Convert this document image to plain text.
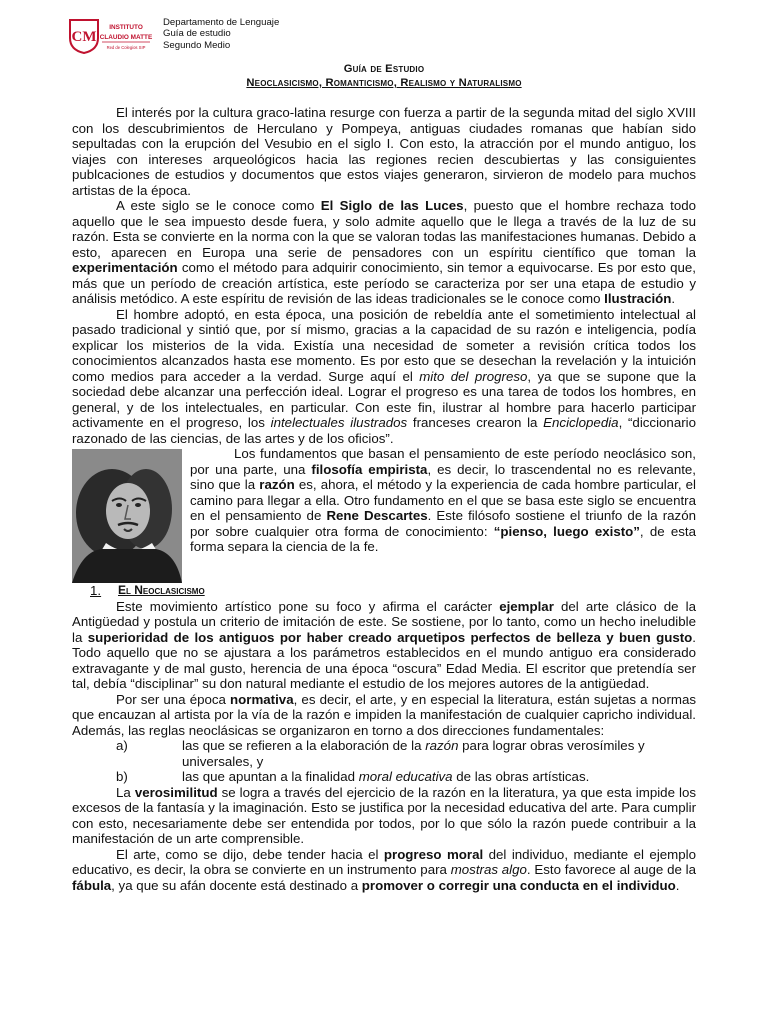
CM
INSTITUTO
CLAUDIO MATTE
Red de Colegios SIP
Departamento de Lenguaje
Guía de estudio
Segundo Medio
Guía de Estudio
Neoclasicismo, Romanticismo, Realismo y Naturalismo

El interés por la cultura graco-latina resurge con fuerza a partir de la segunda mitad del siglo XVIII con los descubrimientos de Herculano y Pompeya, antiguas ciudades romanas que habían sido sepultadas con la erupción del Vesubio en el siglo I. Con esto, la atracción por el mundo antiguo, los viajes con intereses arqueológicos hacia las regiones recien descubiertas y las consiguientes publcaciones de estudios y documentos que estos viajes generaron, sirvieron de modelo para muchos artistas de la época.

A este siglo se le conoce como El Siglo de las Luces, puesto que el hombre rechaza todo aquello que le sea impuesto desde fuera, y solo admite aquello que le llega a través de la luz de su razón. Esta se convierte en la norma con la que se valoran todas las manifestaciones humanas. Debido a esto, aparecen en Europa una serie de pensadores con un espíritu científico que toman la experimentación como el método para adquirir conocimiento, sin temor a equivocarse. Es por esto que, más que un período de creación artística, este período se caracteriza por ser una etapa de estudio y análisis metódico. A este espíritu de revisión de las ideas tradicionales se le conoce como Ilustración.

El hombre adoptó, en esta época, una posición de rebeldía ante el sometimiento intelectual al pasado tradicional y sintió que, por sí mismo, gracias a la capacidad de su razón e inteligencia, podía explicar los misterios de la vida. Existía una necesidad de someter a revisión crítica todos los conocimientos alcanzados hasta ese momento. Es por esto que se desechan la revelación y la intuición como medios para acceder a la verdad. Surge aquí el mito del progreso, ya que se supone que la sociedad debe alcanzar una perfección ideal. Lograr el progreso es una tarea de todos los hombres, en general, y de los intelectuales, en particular. Con este fin, ilustrar al hombre para hacerlo participar activamente en el progreso, los intelectuales ilustrados franceses crearon la Enciclopedia, “diccionario razonado de las ciencias, de las artes y de los oficios”.

Los fundamentos que basan el pensamiento de este período neoclásico son, por una parte, una filosofía empirista, es decir, lo trascendental no es relevante, sino que la razón es, ahora, el método y la experiencia de cada hombre particular, el camino para llegar a ella. Otro fundamento en el que se basa este siglo se encuentra en el pensamiento de Rene Descartes. Este filósofo sostiene el triunfo de la razón por sobre cualquier otra forma de conocimiento: “pienso, luego existo”, de esta forma separa la ciencia de la fe.

1.	El Neoclasicismo

Este movimiento artístico pone su foco y afirma el carácter ejemplar del arte clásico de la Antigüedad y postula un criterio de imitación de este. Se sostiene, por lo tanto, como un hecho ineludible la superioridad de los antiguos por haber creado arquetipos perfectos de belleza y buen gusto. Todo aquello que no se ajustara a los parámetros establecidos en el mundo antiguo era considerado extravagante y de mal gusto, herencia de una época “oscura” Edad Media. El escritor que pretendía ser tal, debía “disciplinar” su don natural mediante el estudio de los mejores autores de la antigüedad.

Por ser una época normativa, es decir, el arte, y en especial la literatura, están sujetas a normas que encauzan al artista por la vía de la razón e impiden la manifestación de cualquier capricho individual. Además, las reglas neoclásicas se organizaron en torno a dos direcciones fundamentales:

a)	las que se refieren a la elaboración de la razón para lograr obras verosímiles y universales, y
b)	las que apuntan a la finalidad moral educativa de las obras artísticas.

La verosimilitud se logra a través del ejercicio de la razón en la literatura, ya que esta impide los excesos de la fantasía y la imaginación. Esto se justifica por la necesidad educativa del arte. Para cumplir con esto, necesariamente debe ser entendida por todos, por lo que sólo la razón puede contribuir a la manifestación de un arte comprensible.

El arte, como se dijo, debe tender hacia el progreso moral del individuo, mediante el ejemplo educativo, es decir, la obra se convierte en un instrumento para mostras algo. Esto favorece al auge de la fábula, ya que su afán docente está destinado a promover o corregir una conducta en el individuo.
